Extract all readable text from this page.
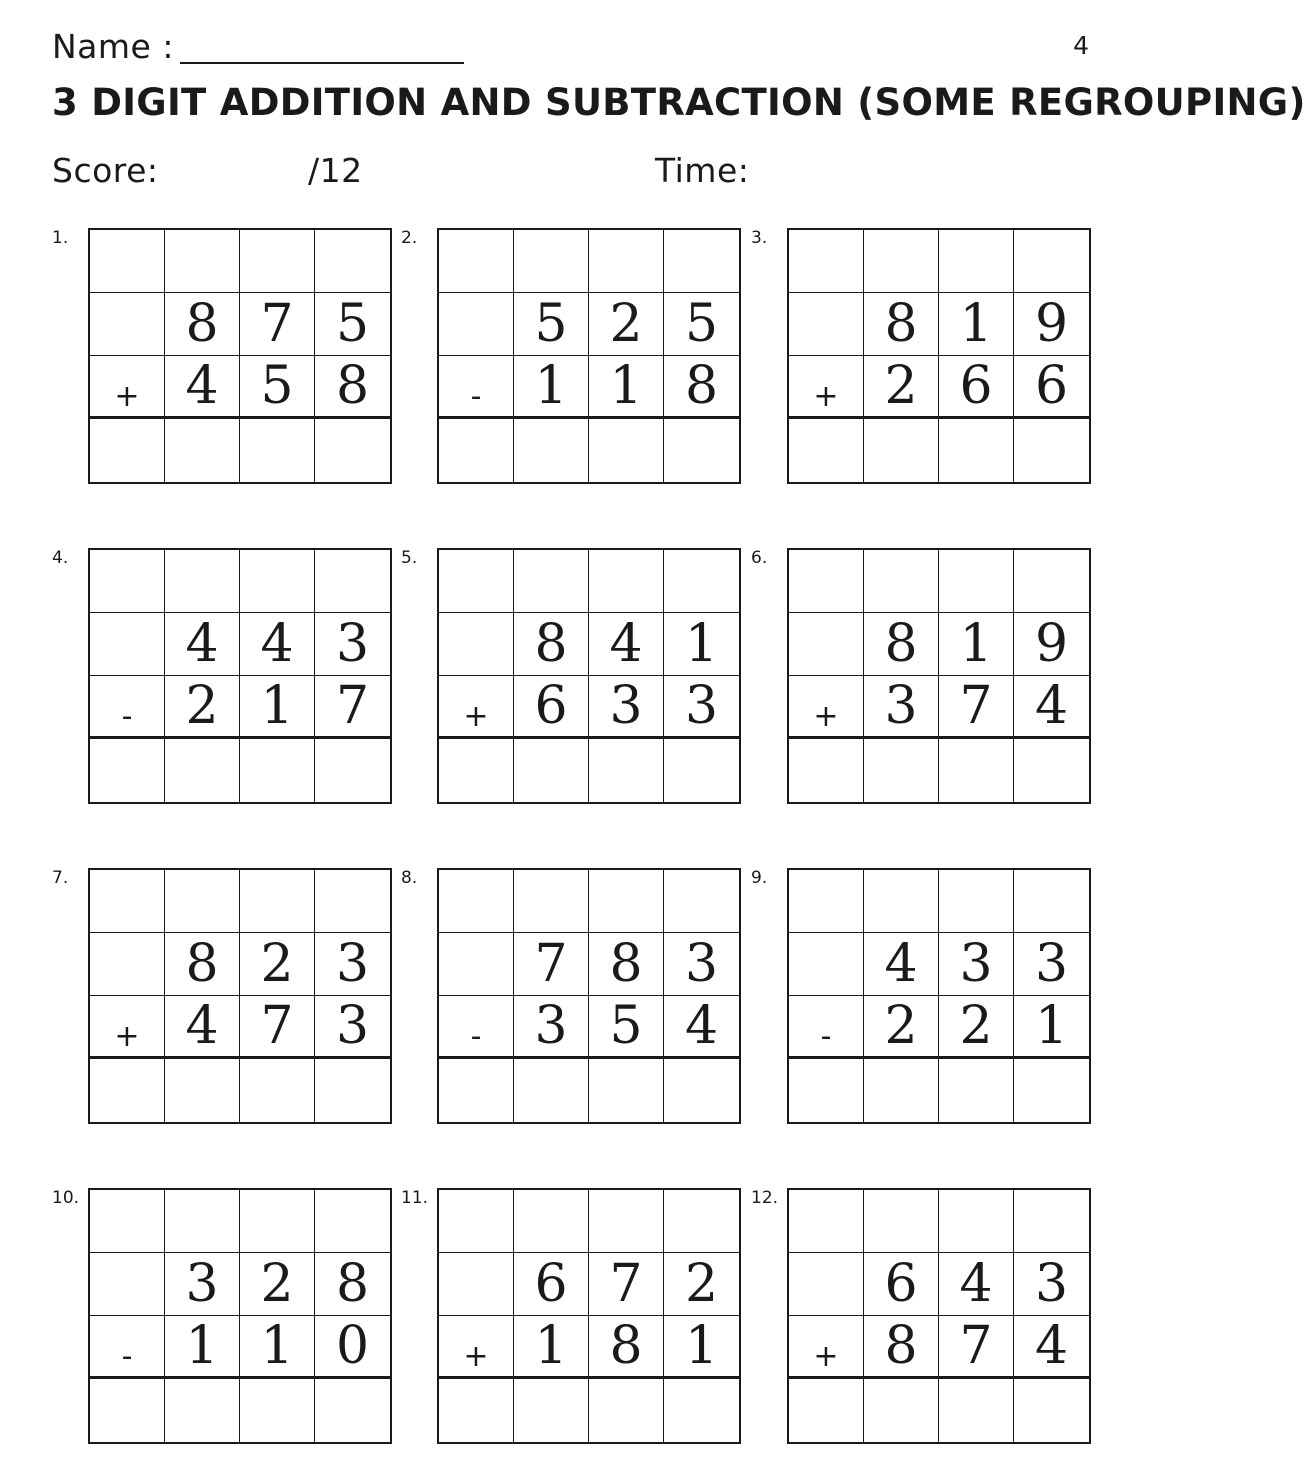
Name :	4
3 DIGIT ADDITION AND SUBTRACTION (SOME REGROUPING)
Score:	/12	Time:
1.
8 7 5
+ 4 5 8
2.
5 2 5
-	1 1 8
3.
8 1 9
+ 2 6 6
4.
4 4 3
-	2 1 7
5.
8 4 1
+ 6 3 3
6.
8 1 9
+ 3 7 4
7.
8 2 3
+ 4 7 3
8.
7 8 3
-	3 5 4
9.
4 3 3
-	2 2 1
10.
3 2 8
-	1 1 0
11.
6 7 2
+ 1 8 1
12.
6 4 3
+ 8 7 4
